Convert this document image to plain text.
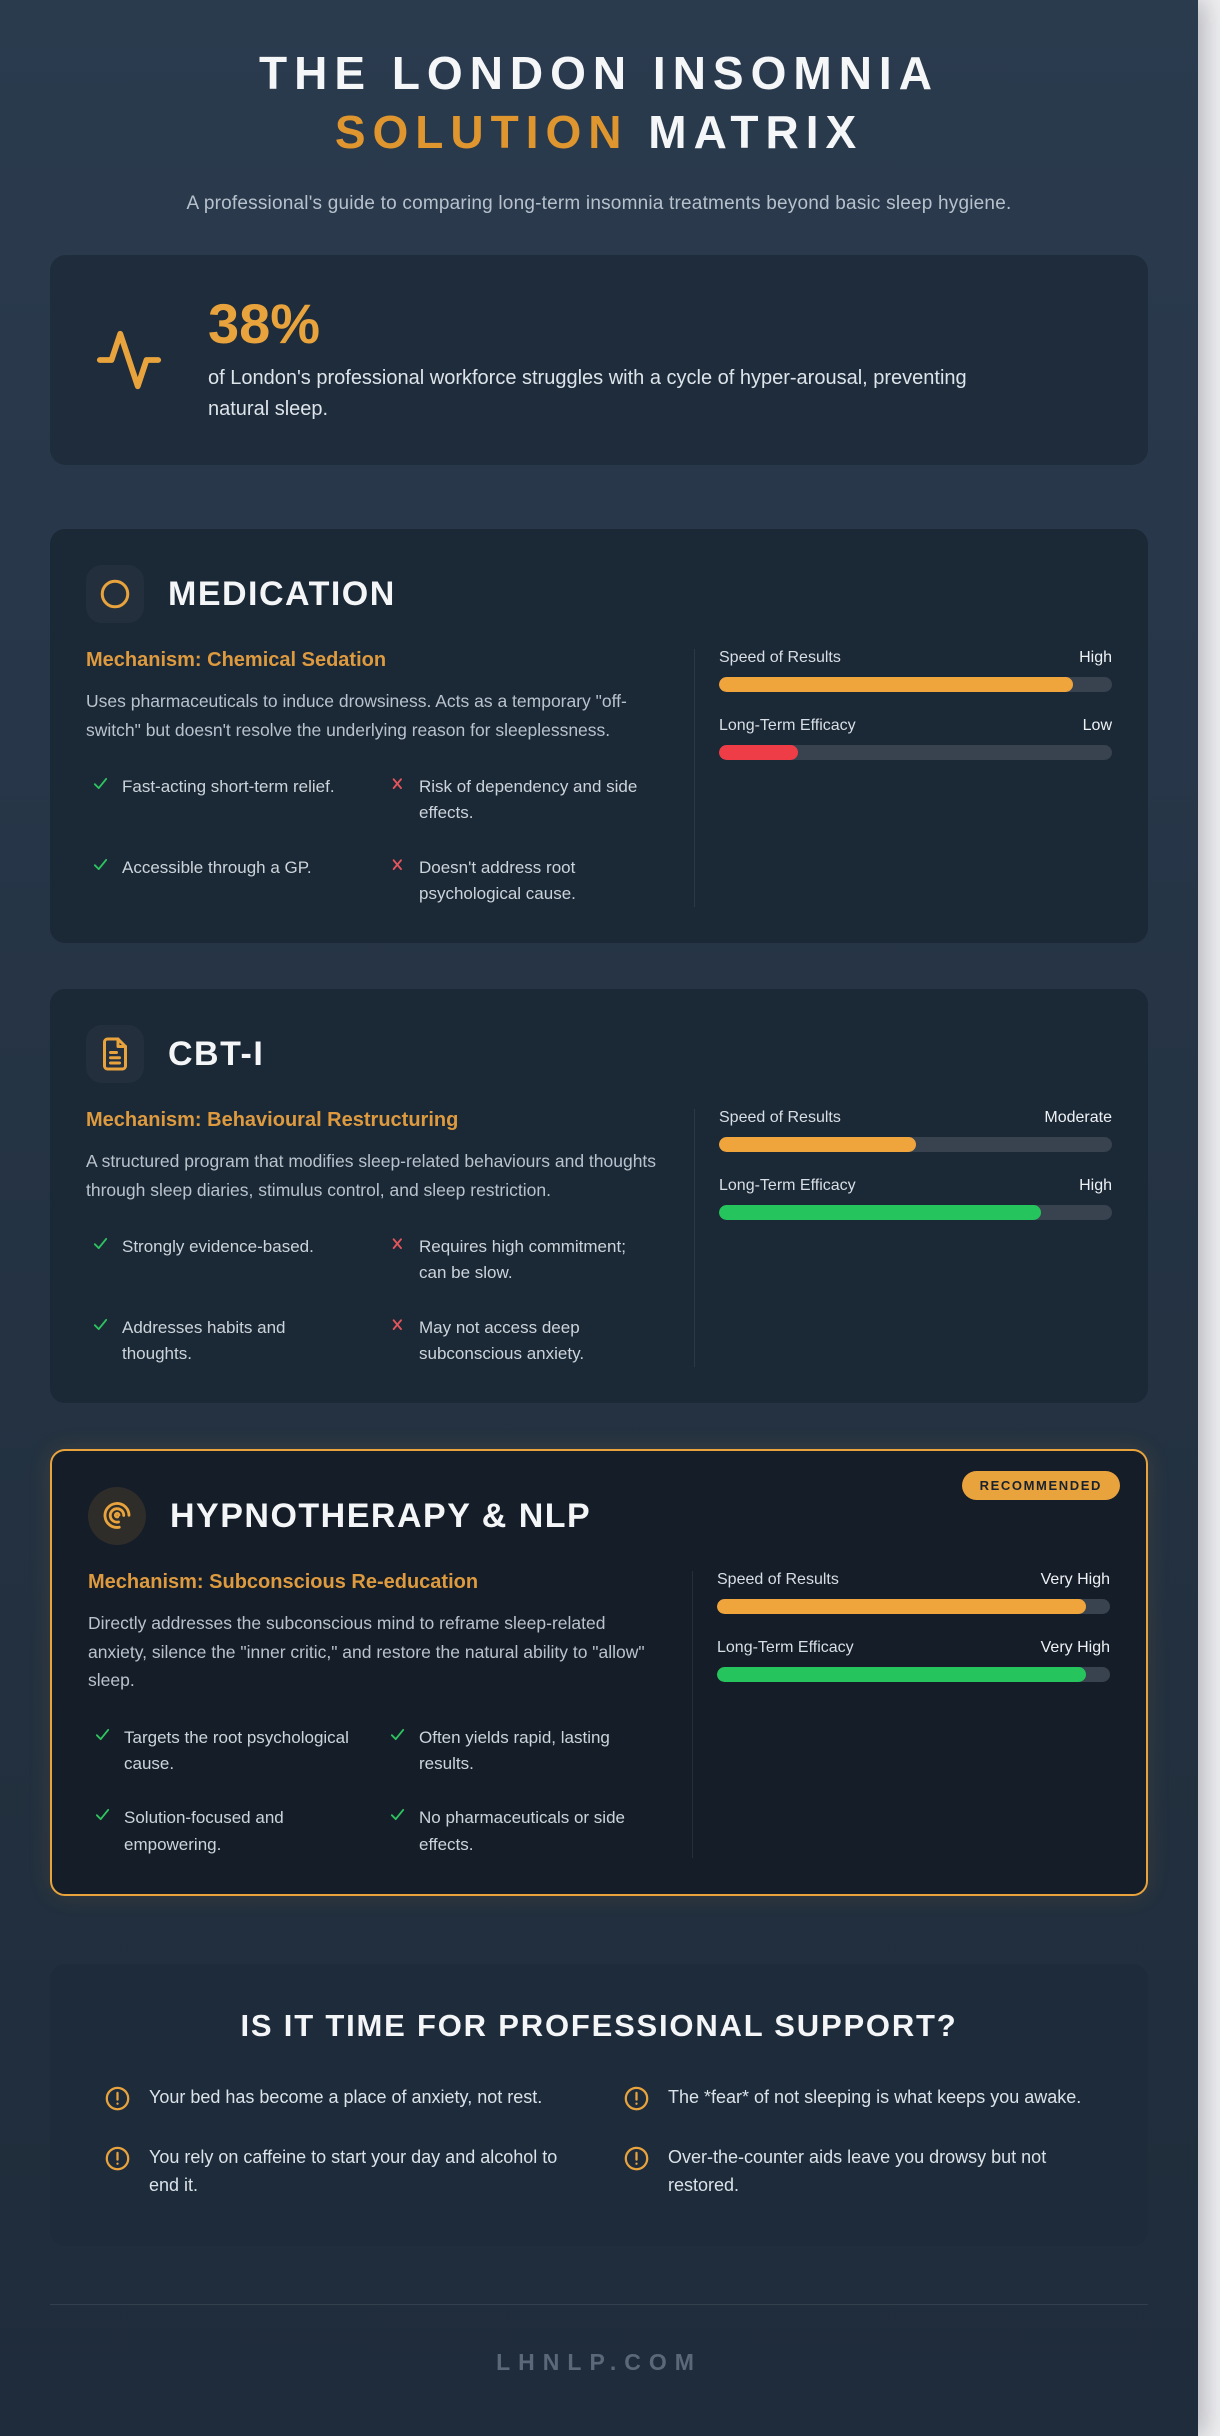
THE LONDON INSOMNIA
SOLUTION MATRIX
A professional's guide to comparing long-term insomnia treatments beyond basic sleep hygiene.
38%
of London's professional workforce struggles with a cycle of hyper-arousal, preventing natural sleep.
MEDICATION
Mechanism: Chemical Sedation
Uses pharmaceuticals to induce drowsiness. Acts as a temporary "off-switch" but doesn't resolve the underlying reason for sleeplessness.
Fast-acting short-term relief.	Risk of dependency and side effects.
Accessible through a GP.	Doesn't address root psychological cause.
Speed of Results	High
Long-Term Efficacy	Low
CBT-I
Mechanism: Behavioural Restructuring
A structured program that modifies sleep-related behaviours and thoughts through sleep diaries, stimulus control, and sleep restriction.
Strongly evidence-based.	Requires high commitment; can be slow.
Addresses habits and thoughts.
May not access deep subconscious anxiety.
Speed of Results	Moderate
Long-Term Efficacy	High
RECOMMENDED
HYPNOTHERAPY & NLP
Mechanism: Subconscious Re-education
Directly addresses the subconscious mind to reframe sleep-related anxiety, silence the "inner critic," and restore the natural ability to "allow" sleep.
Targets the root psychological cause.
Often yields rapid, lasting results.
Solution-focused and empowering.
No pharmaceuticals or side effects.
Speed of Results	Very High
Long-Term Efficacy	Very High
IS IT TIME FOR PROFESSIONAL SUPPORT?
Your bed has become a place of anxiety, not rest.	The *fear* of not sleeping is what keeps you awake.
You rely on caffeine to start your day and alcohol to end it.
Over-the-counter aids leave you drowsy but not restored.
LHNLP.COM
